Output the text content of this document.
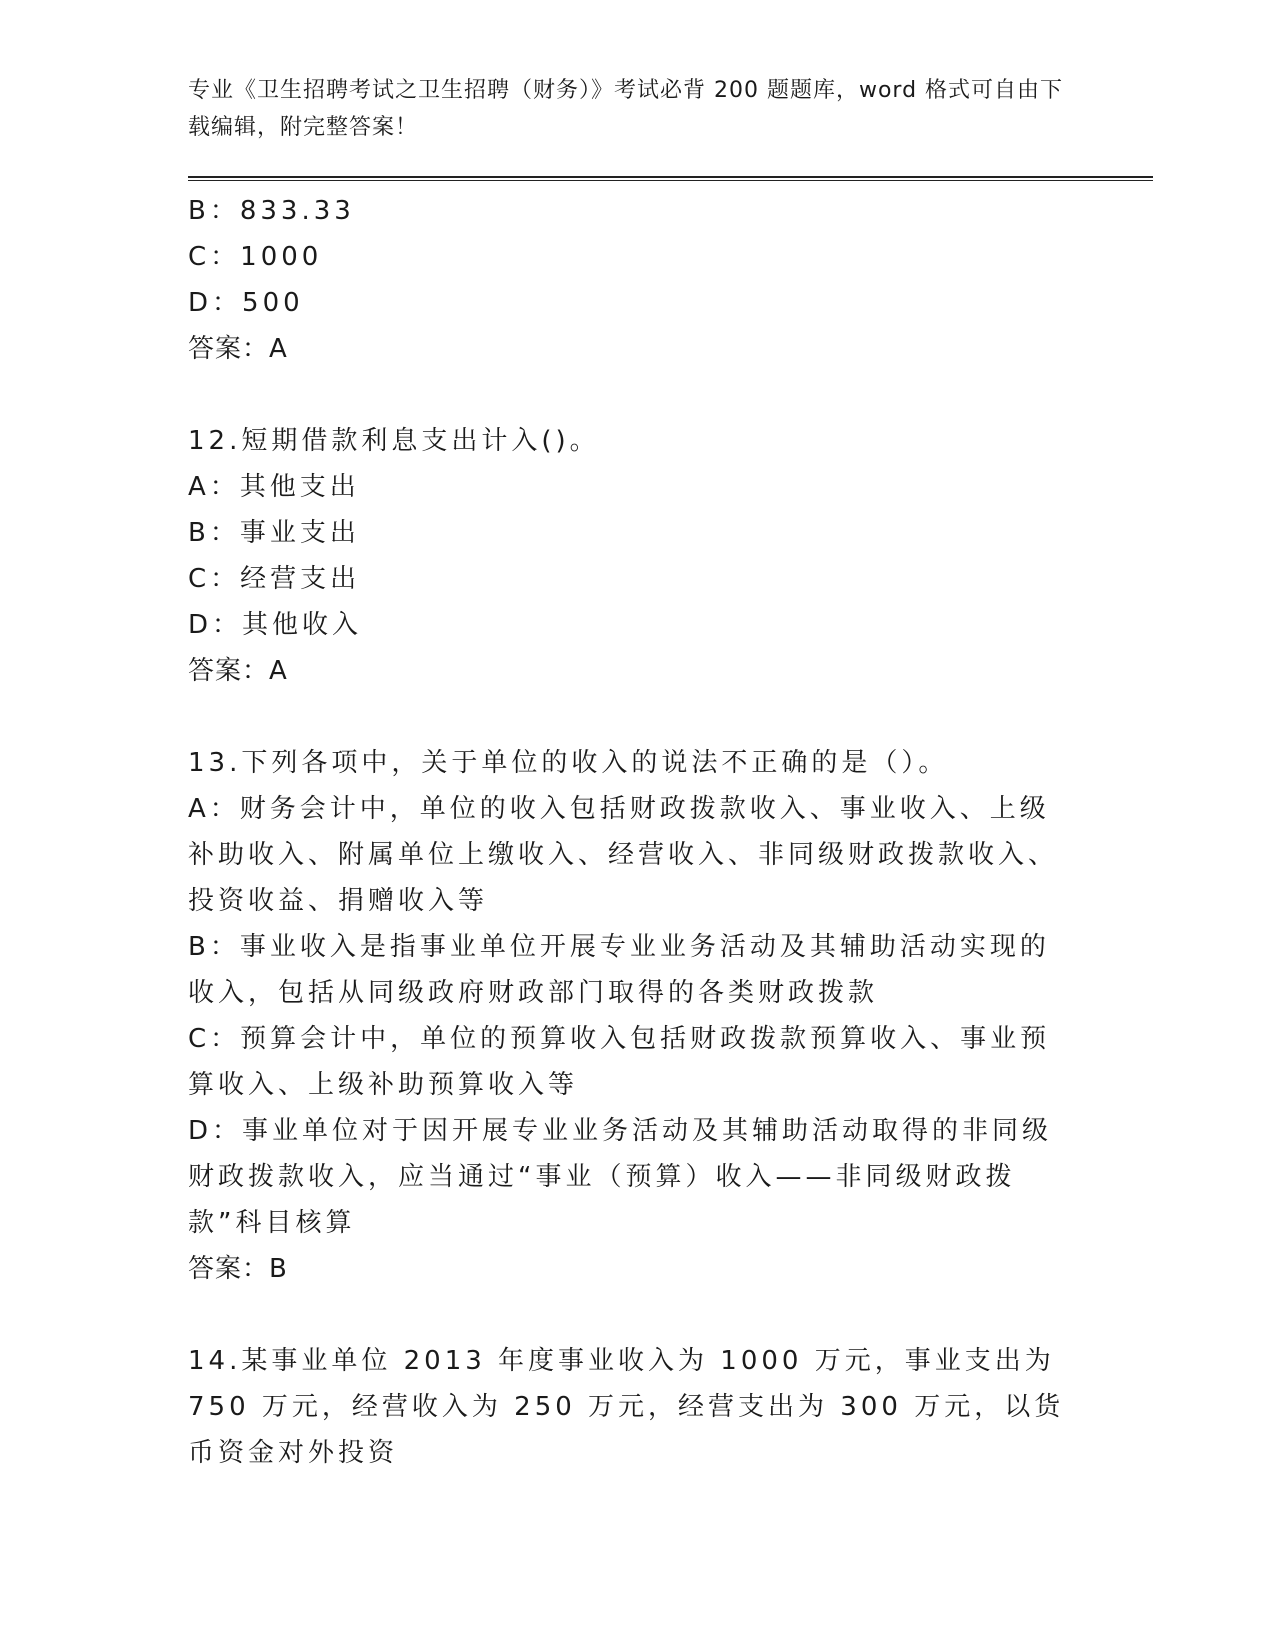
专业《卫生招聘考试之卫生招聘（财务）》考试必背 200 题题库，word 格式可自由下载编辑，附完整答案！
B：833.33
C：1000
D：500
答案：A
12.短期借款利息支出计入()。
A：其他支出
B：事业支出
C：经营支出
D：其他收入
答案：A
13.下列各项中，关于单位的收入的说法不正确的是（）。
A：财务会计中，单位的收入包括财政拨款收入、事业收入、上级补助收入、附属单位上缴收入、经营收入、非同级财政拨款收入、投资收益、捐赠收入等
B：事业收入是指事业单位开展专业业务活动及其辅助活动实现的收入，包括从同级政府财政部门取得的各类财政拨款
C：预算会计中，单位的预算收入包括财政拨款预算收入、事业预算收入、上级补助预算收入等
D：事业单位对于因开展专业业务活动及其辅助活动取得的非同级财政拨款收入，应当通过“事业（预算）收入——非同级财政拨款”科目核算
答案：B
14.某事业单位 2013 年度事业收入为 1000 万元，事业支出为 750 万元，经营收入为 250 万元，经营支出为 300 万元，以货币资金对外投资
